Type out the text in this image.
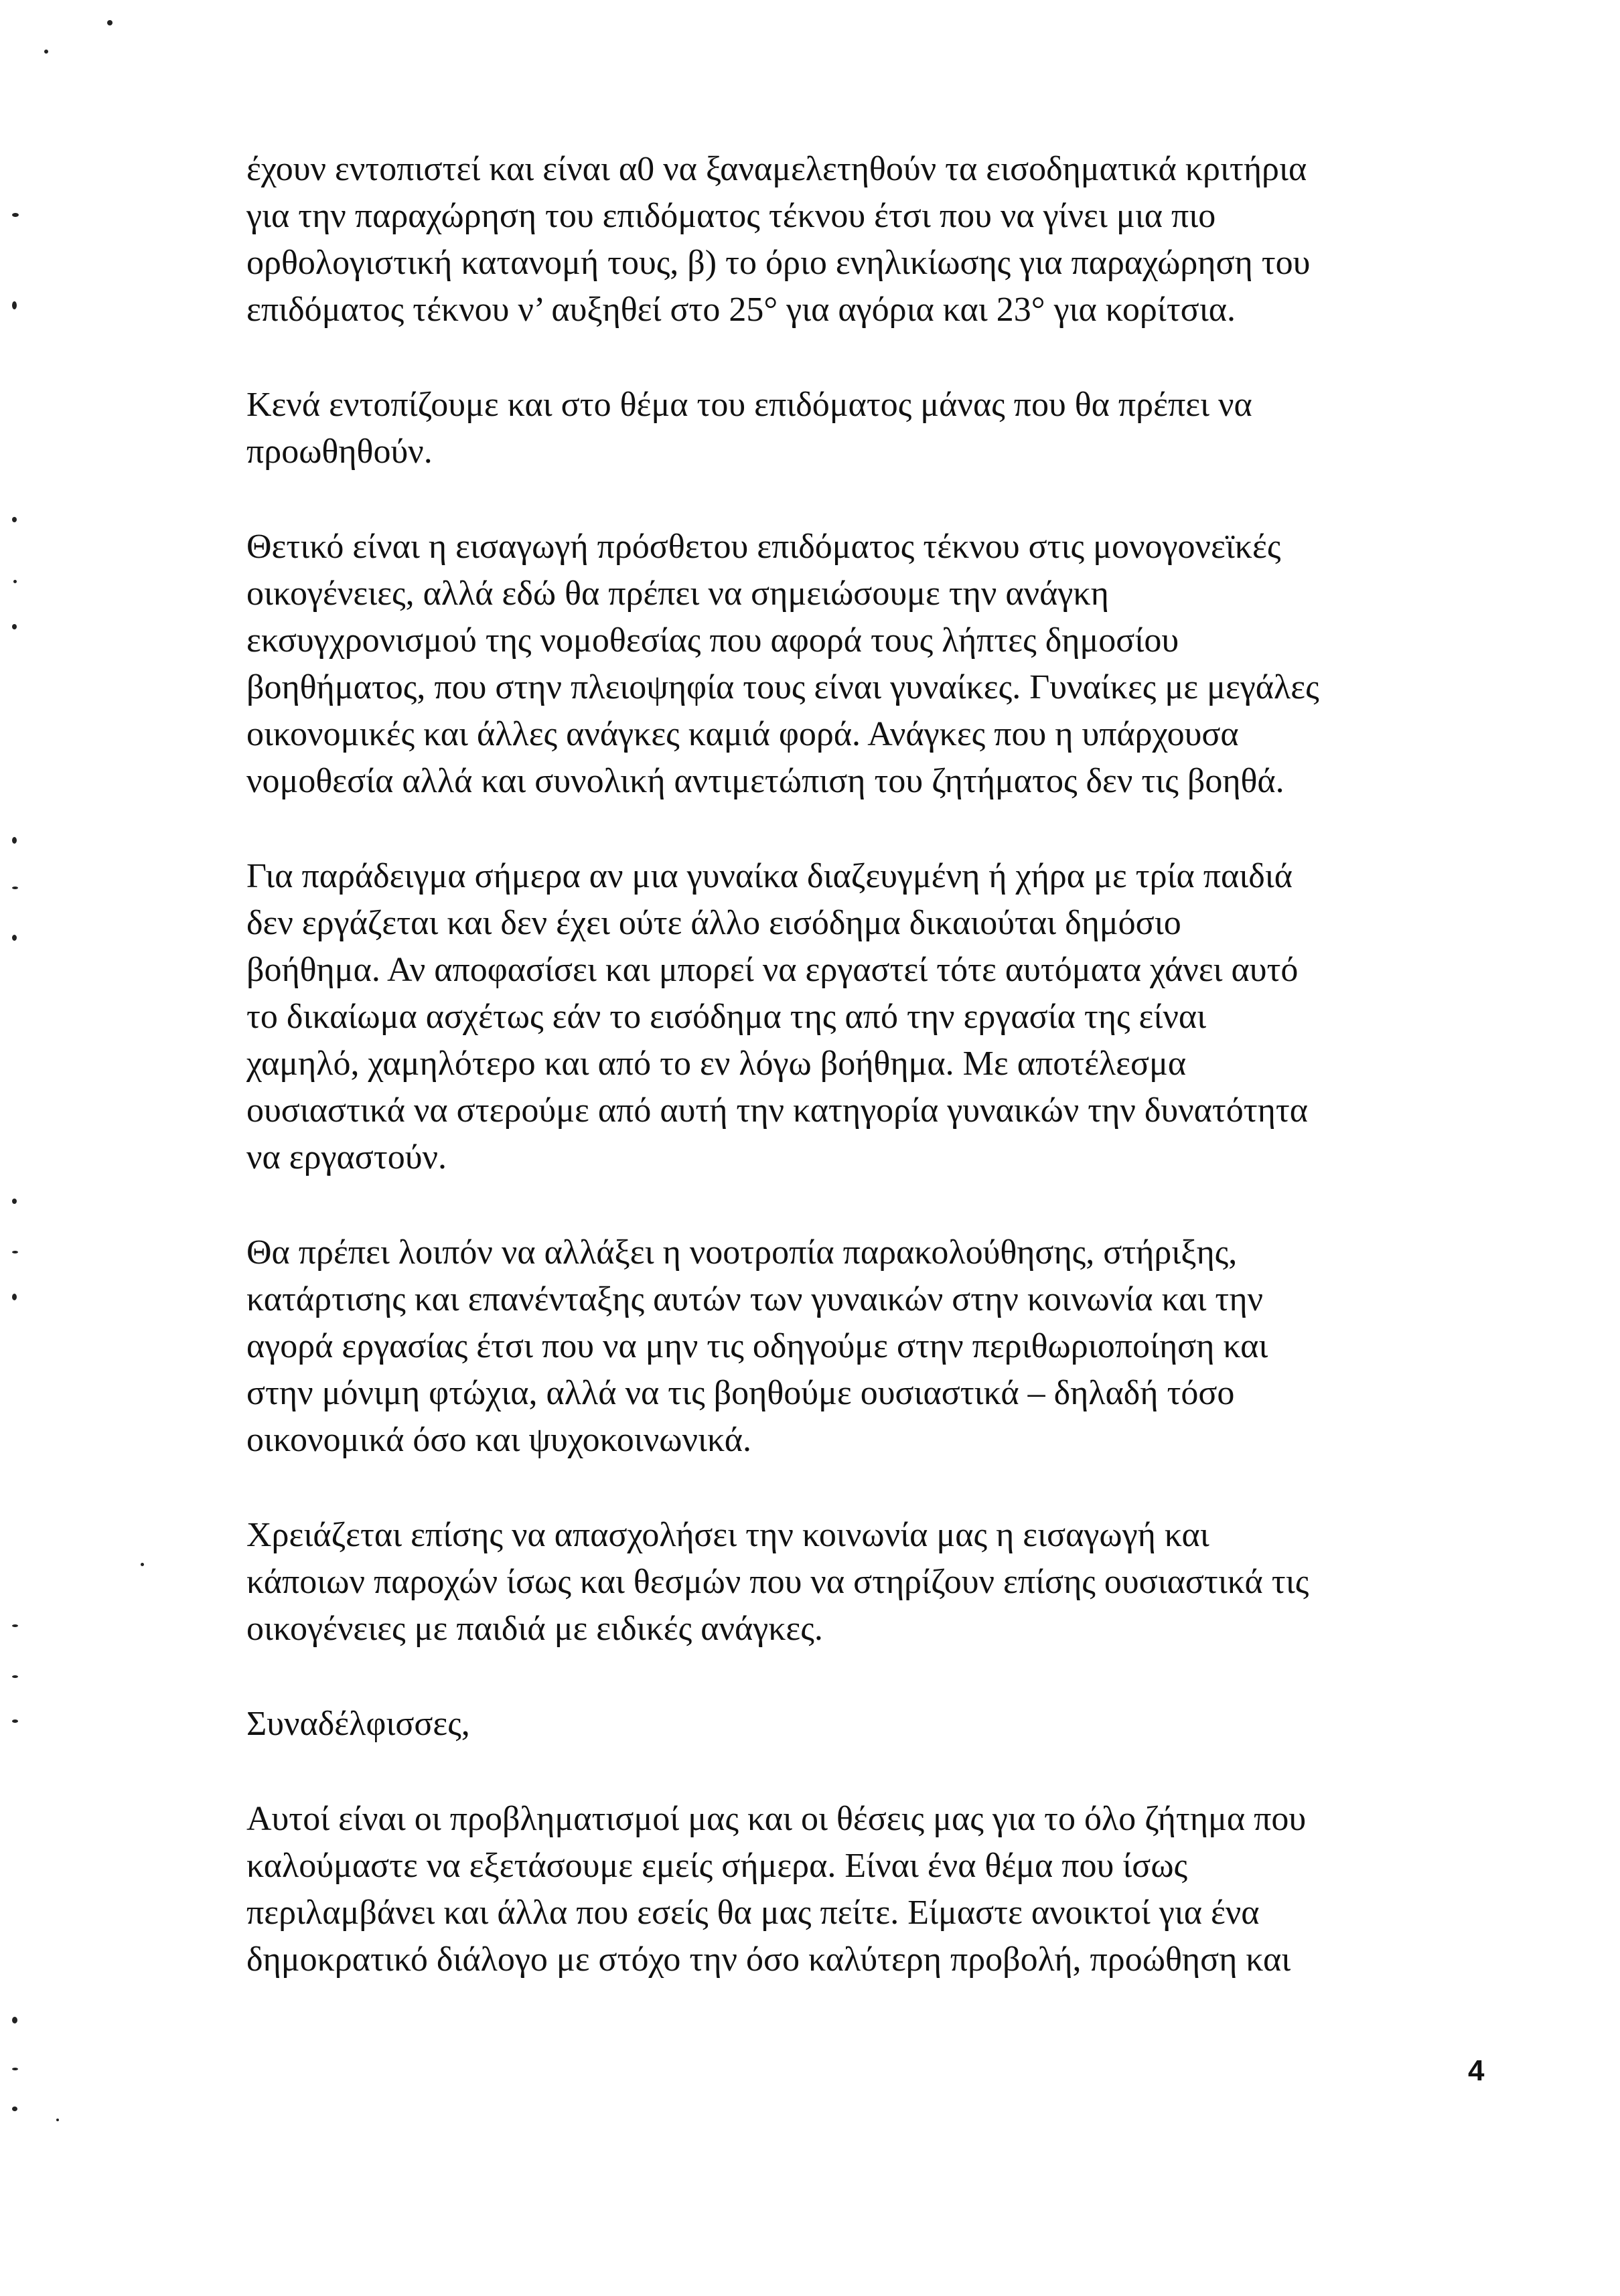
έχουν εντοπιστεί και είναι α0 να ξαναμελετηθούν τα εισοδηματικά κριτήρια
για την παραχώρηση του επιδόματος τέκνου έτσι που να γίνει μια πιο
ορθολογιστική κατανομή τους, β) το όριο ενηλικίωσης για παραχώρηση του
επιδόματος τέκνου ν’ αυξηθεί στο 25° για αγόρια και 23° για κορίτσια.

Κενά εντοπίζουμε και στο θέμα του επιδόματος μάνας που θα πρέπει να
προωθηθούν.

Θετικό είναι η εισαγωγή πρόσθετου επιδόματος τέκνου στις μονογονεϊκές
οικογένειες, αλλά εδώ θα πρέπει να σημειώσουμε την ανάγκη
εκσυγχρονισμού της νομοθεσίας που αφορά τους λήπτες δημοσίου
βοηθήματος, που στην πλειοψηφία τους είναι γυναίκες. Γυναίκες με μεγάλες
οικονομικές και άλλες ανάγκες καμιά φορά. Ανάγκες που η υπάρχουσα
νομοθεσία αλλά και συνολική αντιμετώπιση του ζητήματος δεν τις βοηθά.

Για παράδειγμα σήμερα αν μια γυναίκα διαζευγμένη ή χήρα με τρία παιδιά
δεν εργάζεται και δεν έχει ούτε άλλο εισόδημα δικαιούται δημόσιο
βοήθημα. Αν αποφασίσει και μπορεί να εργαστεί τότε αυτόματα χάνει αυτό
το δικαίωμα ασχέτως εάν το εισόδημα της από την εργασία της είναι
χαμηλό, χαμηλότερο και από το εν λόγω βοήθημα. Με αποτέλεσμα
ουσιαστικά να στερούμε από αυτή την κατηγορία γυναικών την δυνατότητα
να εργαστούν.

Θα πρέπει λοιπόν να αλλάξει η νοοτροπία παρακολούθησης, στήριξης,
κατάρτισης και επανένταξης αυτών των γυναικών στην κοινωνία και την
αγορά εργασίας έτσι που να μην τις οδηγούμε στην περιθωριοποίηση και
στην μόνιμη φτώχια, αλλά να τις βοηθούμε ουσιαστικά – δηλαδή τόσο
οικονομικά όσο και ψυχοκοινωνικά.

Χρειάζεται επίσης να απασχολήσει την κοινωνία μας η εισαγωγή και
κάποιων παροχών ίσως και θεσμών που να στηρίζουν επίσης ουσιαστικά τις
οικογένειες με παιδιά με ειδικές ανάγκες.

Συναδέλφισσες,

Αυτοί είναι οι προβληματισμοί μας και οι θέσεις μας για το όλο ζήτημα που
καλούμαστε να εξετάσουμε εμείς σήμερα. Είναι ένα θέμα που ίσως
περιλαμβάνει και άλλα που εσείς θα μας πείτε. Είμαστε ανοικτοί για ένα
δημοκρατικό διάλογο με στόχο την όσο καλύτερη προβολή, προώθηση και

4
